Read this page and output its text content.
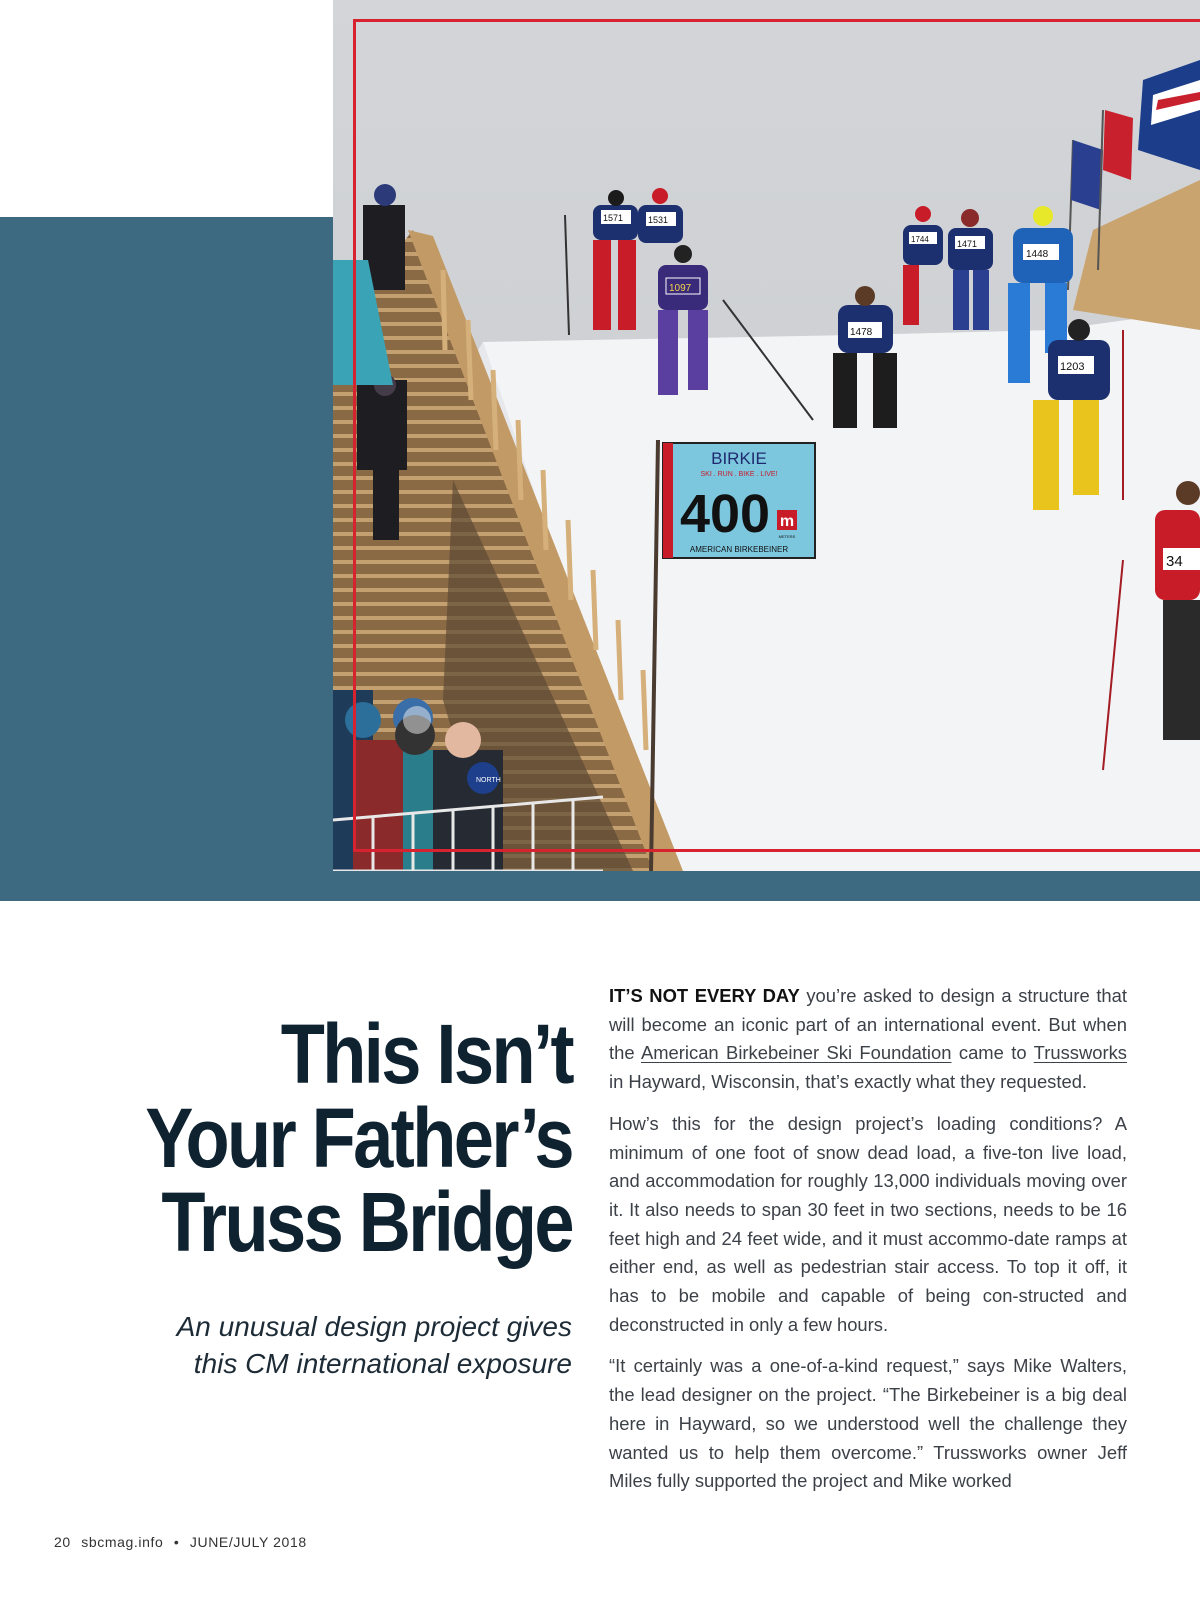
NORTH
1571	1531
1097
1478
1744	1471
1448
1203
34
BIRKIE
SKI . RUN . BIKE . LIVE!
400 m
METERS
AMERICAN BIRKEBEINER
This Isn’t
Your Father’s
Truss Bridge

An unusual design project gives
this CM international exposure

IT’S NOT EVERY DAY you’re asked to design a structure that will become an iconic part of an international event. But when the American Birkebeiner Ski Foundation came to Trussworks in Hayward, Wisconsin, that’s exactly what they requested.

How’s this for the design project’s loading conditions? A minimum of one foot of snow dead load, a five-ton live load, and accommodation for roughly 13,000 individuals moving over it. It also needs to span 30 feet in two sections, needs to be 16 feet high and 24 feet wide, and it must accommo-date ramps at either end, as well as pedestrian stair access. To top it off, it has to be mobile and capable of being con-structed and deconstructed in only a few hours.

“It certainly was a one-of-a-kind request,” says Mike Walters, the lead designer on the project. “The Birkebeiner is a big deal here in Hayward, so we understood well the challenge they wanted us to help them overcome.” Trussworks owner Jeff Miles fully supported the project and Mike worked

20 sbcmag.info • JUNE/JULY 2018
